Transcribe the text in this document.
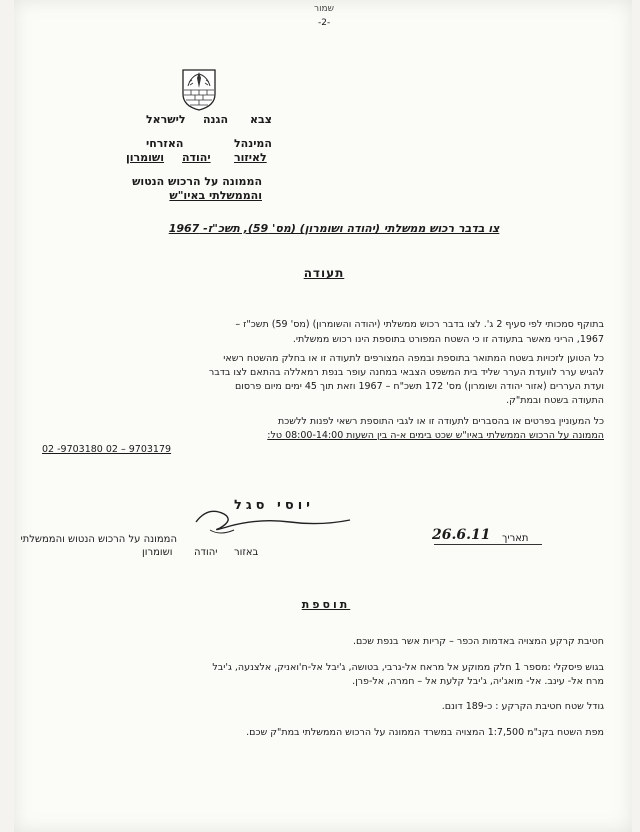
שמור
-2-
צבא
הגנה
לישראל
המינהל
האזרחי
לאיזור
יהודה
ושומרון
הממונה על הרכוש הנטוש
והממשלתי באיו"ש
צו בדבר רכוש ממשלתי (יהודה ושומרון) (מס' 59), תשכ"ז- 1967
תעודה
בתוקף סמכותי לפי סעיף 2 ג'. לצו בדבר רכוש ממשלתי (יהודה והשומרון) (מס' 59) תשכ"ז –
1967, הריני מאשר בתעודה זו כי השטח המפורט בתוספת הינו רכוש ממשלתי.
כל הטוען לזכויות בשטח המתואר בתוספת ובמפה המצורפים לתעודה זו או בחלק מהשטח רשאי
להגיש ערר לוועדת הערר שליד בית המשפט הצבאי במחנה עופר בנפת רמאללה בהתאם לצו בדבר
ועדת העררים (אזור יהודה ושומרון) מס' 172 תשכ"ח – 1967 וזאת תוך 45 ימים מיום פרסום
התעודה בשטח ובמת"ק.
כל המעוניין בפרטים או בהסברים לתעודה זו או לגבי התוספת רשאי לפנות ללשכת
הממונה על הרכוש הממשלתי באיו"ש שכט בימים א-ה בין השעות 08:00-14:00 טל:
02 -9703180 02 – 9703179
יוסי סגל
הממונה על הרכוש הנטוש והממשלתי
באזור
יהודה
ושומרון
26.6.11 תאריך
תוספת
חטיבת קרקע המצויה באדמות הכפר – קריות אשר בנפת שכם.
בגוש פיסקלי :מספר 1 חלק ממוקע אל מראח אל-גרבי, בטושה, ג'יבל אל-ח'ואניק, אלצנעה, ג'יבל
מרח אל- עינב. אל- מואג'יה, ג'יבל קלעת אל – חמרה, אל-פרן.
גודל שטח חטיבת הקרקע : כ-189 דונם.
מפת השטח בקנ"מ 1:7,500 המצויה במשרד הממונה על הרכוש הממשלתי במת"ק שכם.
